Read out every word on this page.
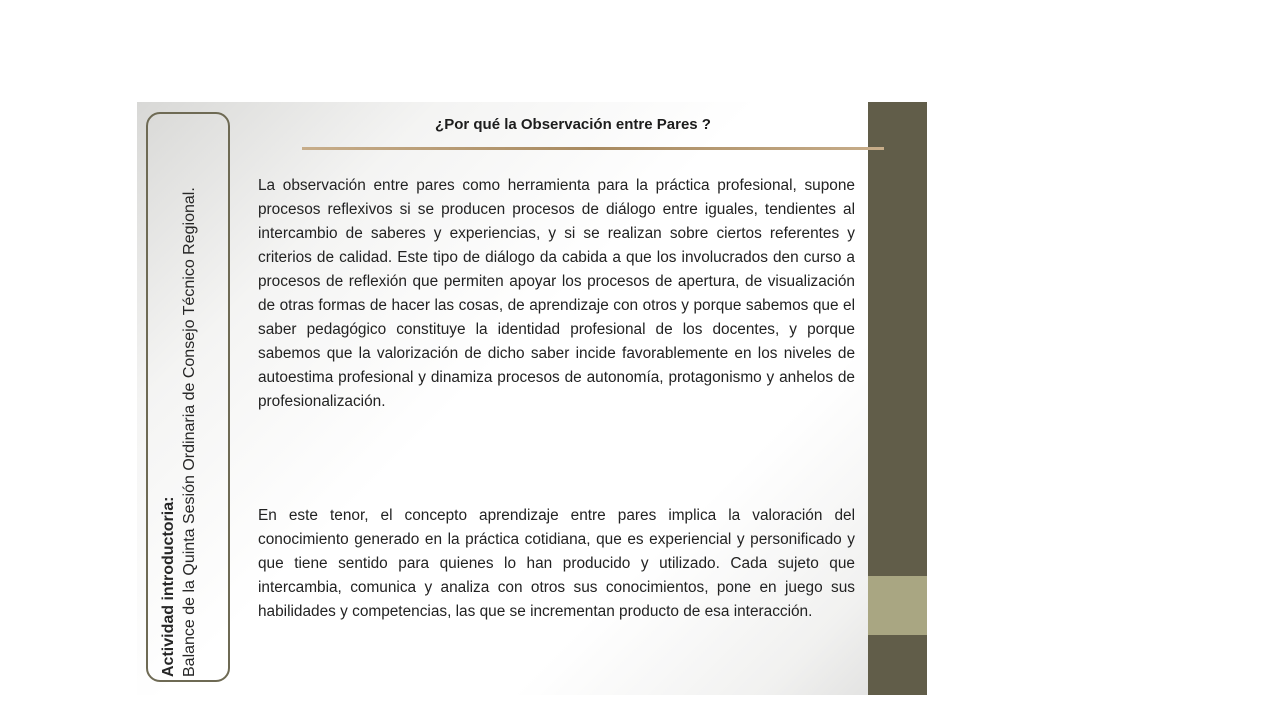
Actividad introductoria: Balance de la Quinta Sesión Ordinaria de Consejo Técnico Regional.
¿Por qué la Observación entre Pares ?

La observación entre pares como herramienta para la práctica profesional, supone procesos reflexivos si se producen procesos de diálogo entre iguales, tendientes al intercambio de saberes y experiencias, y si se realizan sobre ciertos referentes y criterios de calidad. Este tipo de diálogo da cabida a que los involucrados den curso a procesos de reflexión que permiten apoyar los procesos de apertura, de visualización de otras formas de hacer las cosas, de aprendizaje con otros y porque sabemos que el saber pedagógico constituye la identidad profesional de los docentes, y porque sabemos que la valorización de dicho saber incide favorablemente en los niveles de autoestima profesional y dinamiza procesos de autonomía, protagonismo y anhelos de profesionalización.

En este tenor, el concepto aprendizaje entre pares implica la valoración del conocimiento generado en la práctica cotidiana, que es experiencial y personificado y que tiene sentido para quienes lo han producido y utilizado. Cada sujeto que intercambia, comunica y analiza con otros sus conocimientos, pone en juego sus habilidades y competencias, las que se incrementan producto de esa interacción.
